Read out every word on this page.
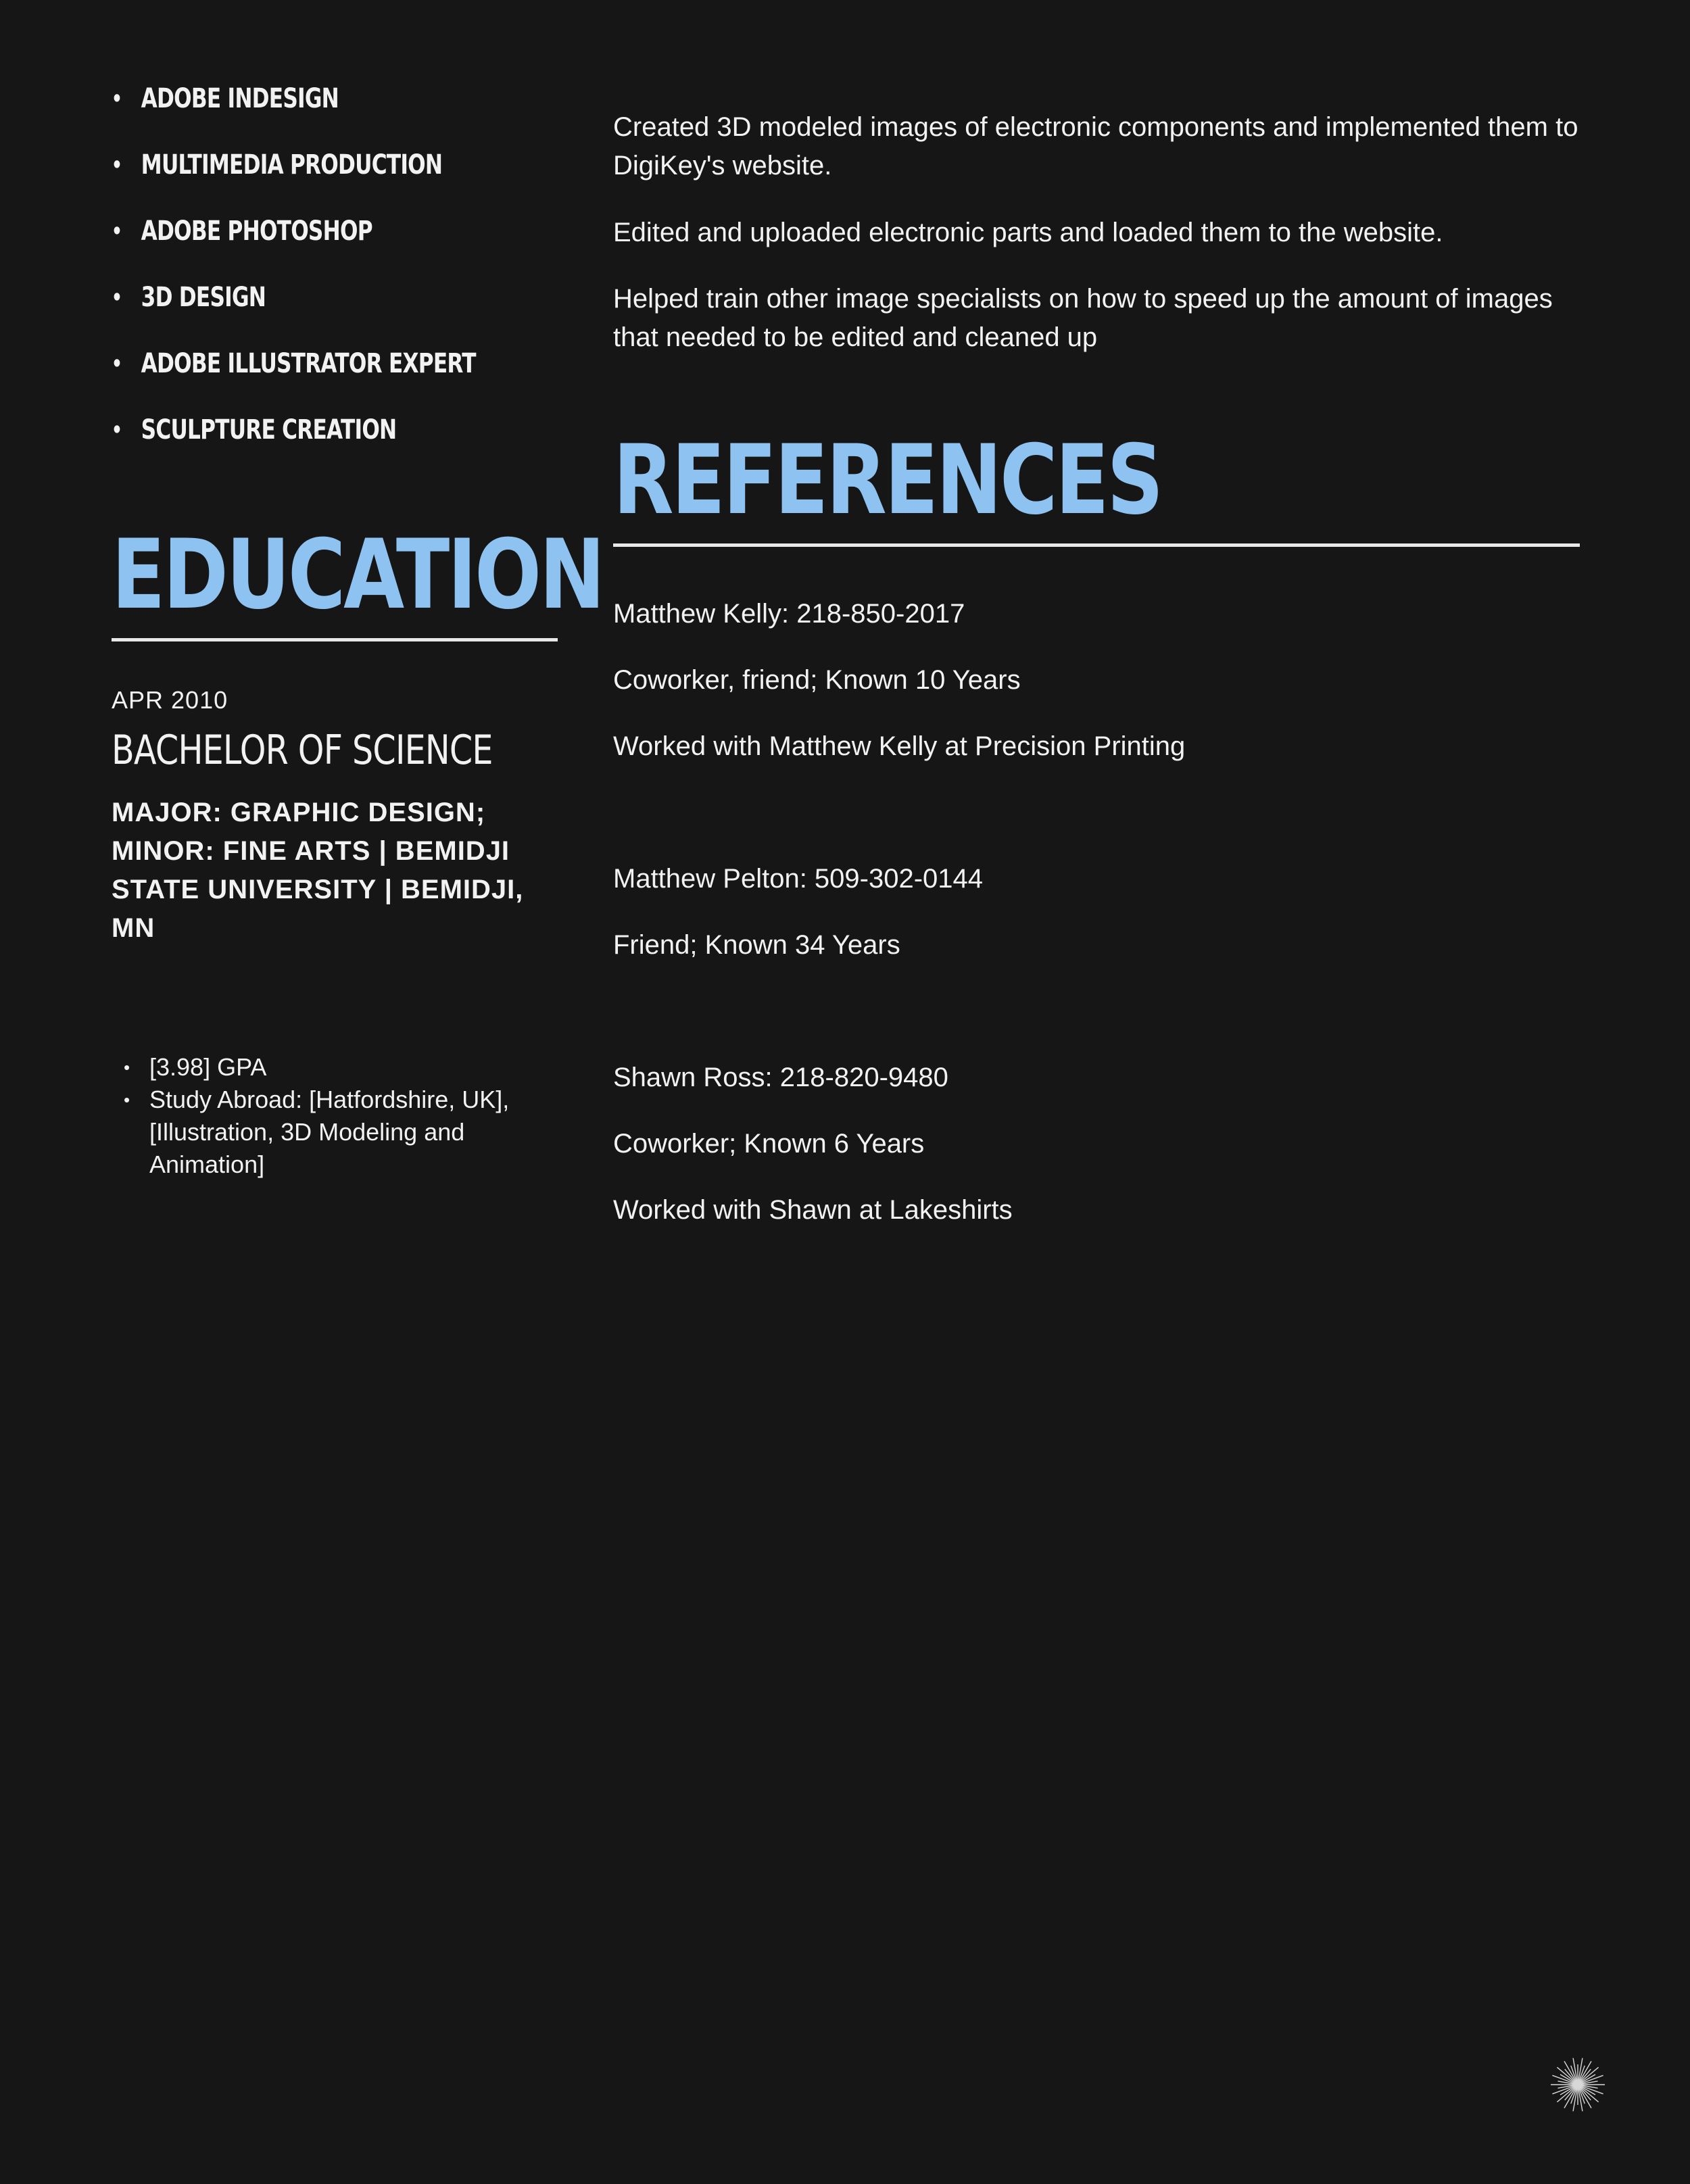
• ADOBE INDESIGN
• MULTIMEDIA PRODUCTION
• ADOBE PHOTOSHOP
• 3D DESIGN
• ADOBE ILLUSTRATOR EXPERT
• SCULPTURE CREATION
EDUCATION
APR 2010
BACHELOR OF SCIENCE
MAJOR: GRAPHIC DESIGN;
MINOR: FINE ARTS | BEMIDJI
STATE UNIVERSITY | BEMIDJI,
MN
• [3.98] GPA
• Study Abroad: [Hatfordshire, UK], [Illustration, 3D Modeling and Animation]

Created 3D modeled images of electronic components and implemented them to DigiKey's website.

Edited and uploaded electronic parts and loaded them to the website.

Helped train other image specialists on how to speed up the amount of images that needed to be edited and cleaned up

REFERENCES
Matthew Kelly: 218-850-2017
Coworker, friend; Known 10 Years
Worked with Matthew Kelly at Precision Printing
Matthew Pelton: 509-302-0144
Friend; Known 34 Years
Shawn Ross: 218-820-9480
Coworker; Known 6 Years
Worked with Shawn at Lakeshirts
